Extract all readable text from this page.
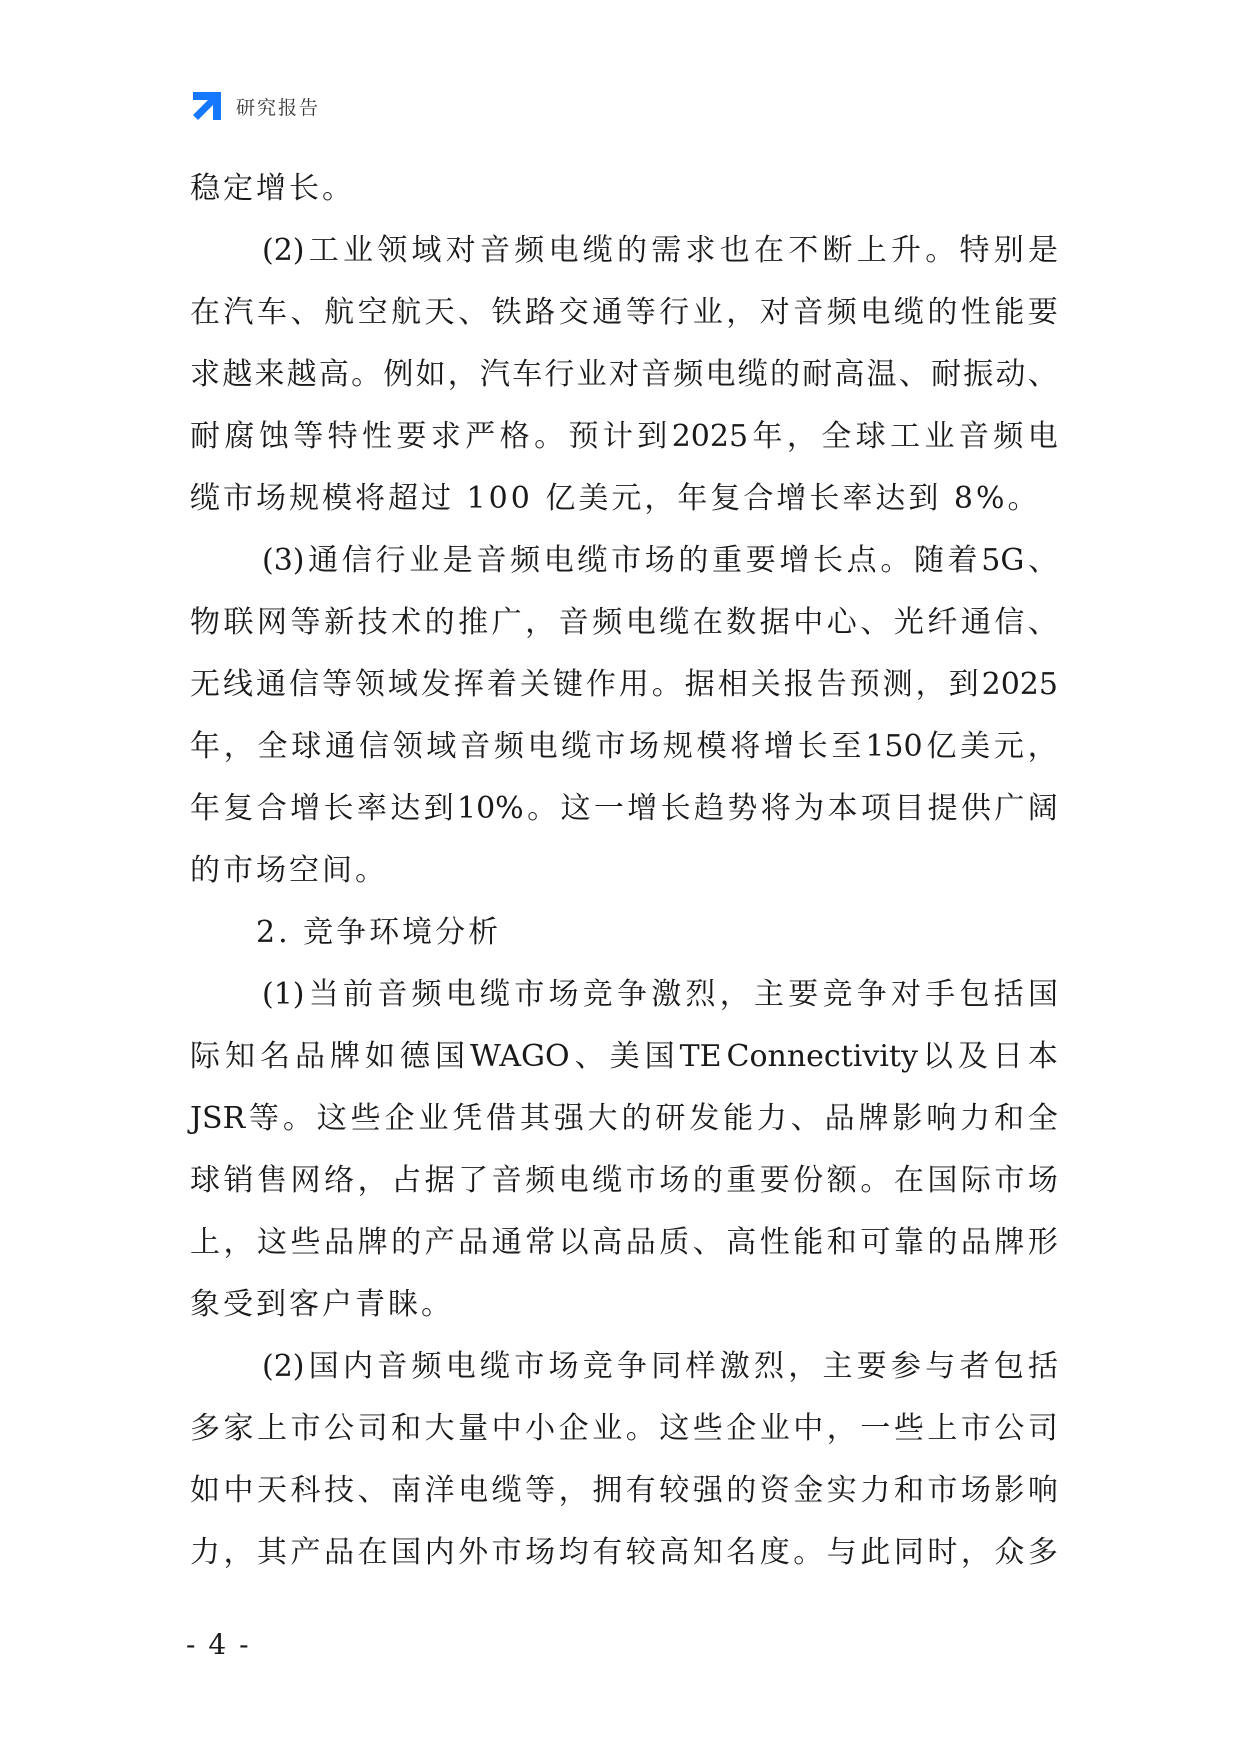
研究报告
稳定增长。
(2) 工 业 领 域 对 音 频 电 缆 的 需 求 也 在 不 断 上 升 。 特 别 是
在 汽 车 、 航 空 航 天 、 铁 路 交 通 等 行 业 ， 对 音 频 电 缆 的 性 能 要
求 越 来 越 高 。 例 如 ， 汽 车 行 业 对 音 频 电 缆 的 耐 高 温 、 耐 振 动 、
耐 腐 蚀 等 特 性 要 求 严 格 。 预 计 到 2025 年 ， 全 球 工 业 音 频 电
缆市场规模将超过 100 亿美元，年复合增长率达到 8%。
(3) 通 信 行 业 是 音 频 电 缆 市 场 的 重 要 增 长 点 。 随 着 5G 、
物 联 网 等 新 技 术 的 推 广 ， 音 频 电 缆 在 数 据 中 心 、 光 纤 通 信 、
无 线 通 信 等 领 域 发 挥 着 关 键 作 用 。 据 相 关 报 告 预 测 ， 到 2025
年 ， 全 球 通 信 领 域 音 频 电 缆 市 场 规 模 将 增 长 至 150 亿 美 元 ，
年 复 合 增 长 率 达 到 10% 。 这 一 增 长 趋 势 将 为 本 项 目 提 供 广 阔
的市场空间。
2. 竞争环境分析
(1) 当 前 音 频 电 缆 市 场 竞 争 激 烈 ， 主 要 竞 争 对 手 包 括 国
际 知 名 品 牌 如 德 国 WAGO 、 美 国 TE Connectivity 以 及 日 本
JSR 等 。 这 些 企 业 凭 借 其 强 大 的 研 发 能 力 、 品 牌 影 响 力 和 全
球 销 售 网 络 ， 占 据 了 音 频 电 缆 市 场 的 重 要 份 额 。 在 国 际 市 场
上 ， 这 些 品 牌 的 产 品 通 常 以 高 品 质 、 高 性 能 和 可 靠 的 品 牌 形
象受到客户青睐。
(2) 国 内 音 频 电 缆 市 场 竞 争 同 样 激 烈 ， 主 要 参 与 者 包 括
多 家 上 市 公 司 和 大 量 中 小 企 业 。 这 些 企 业 中 ， 一 些 上 市 公 司
如 中 天 科 技 、 南 洋 电 缆 等 ， 拥 有 较 强 的 资 金 实 力 和 市 场 影 响
力 ， 其 产 品 在 国 内 外 市 场 均 有 较 高 知 名 度 。 与 此 同 时 ， 众 多
- 4 -
